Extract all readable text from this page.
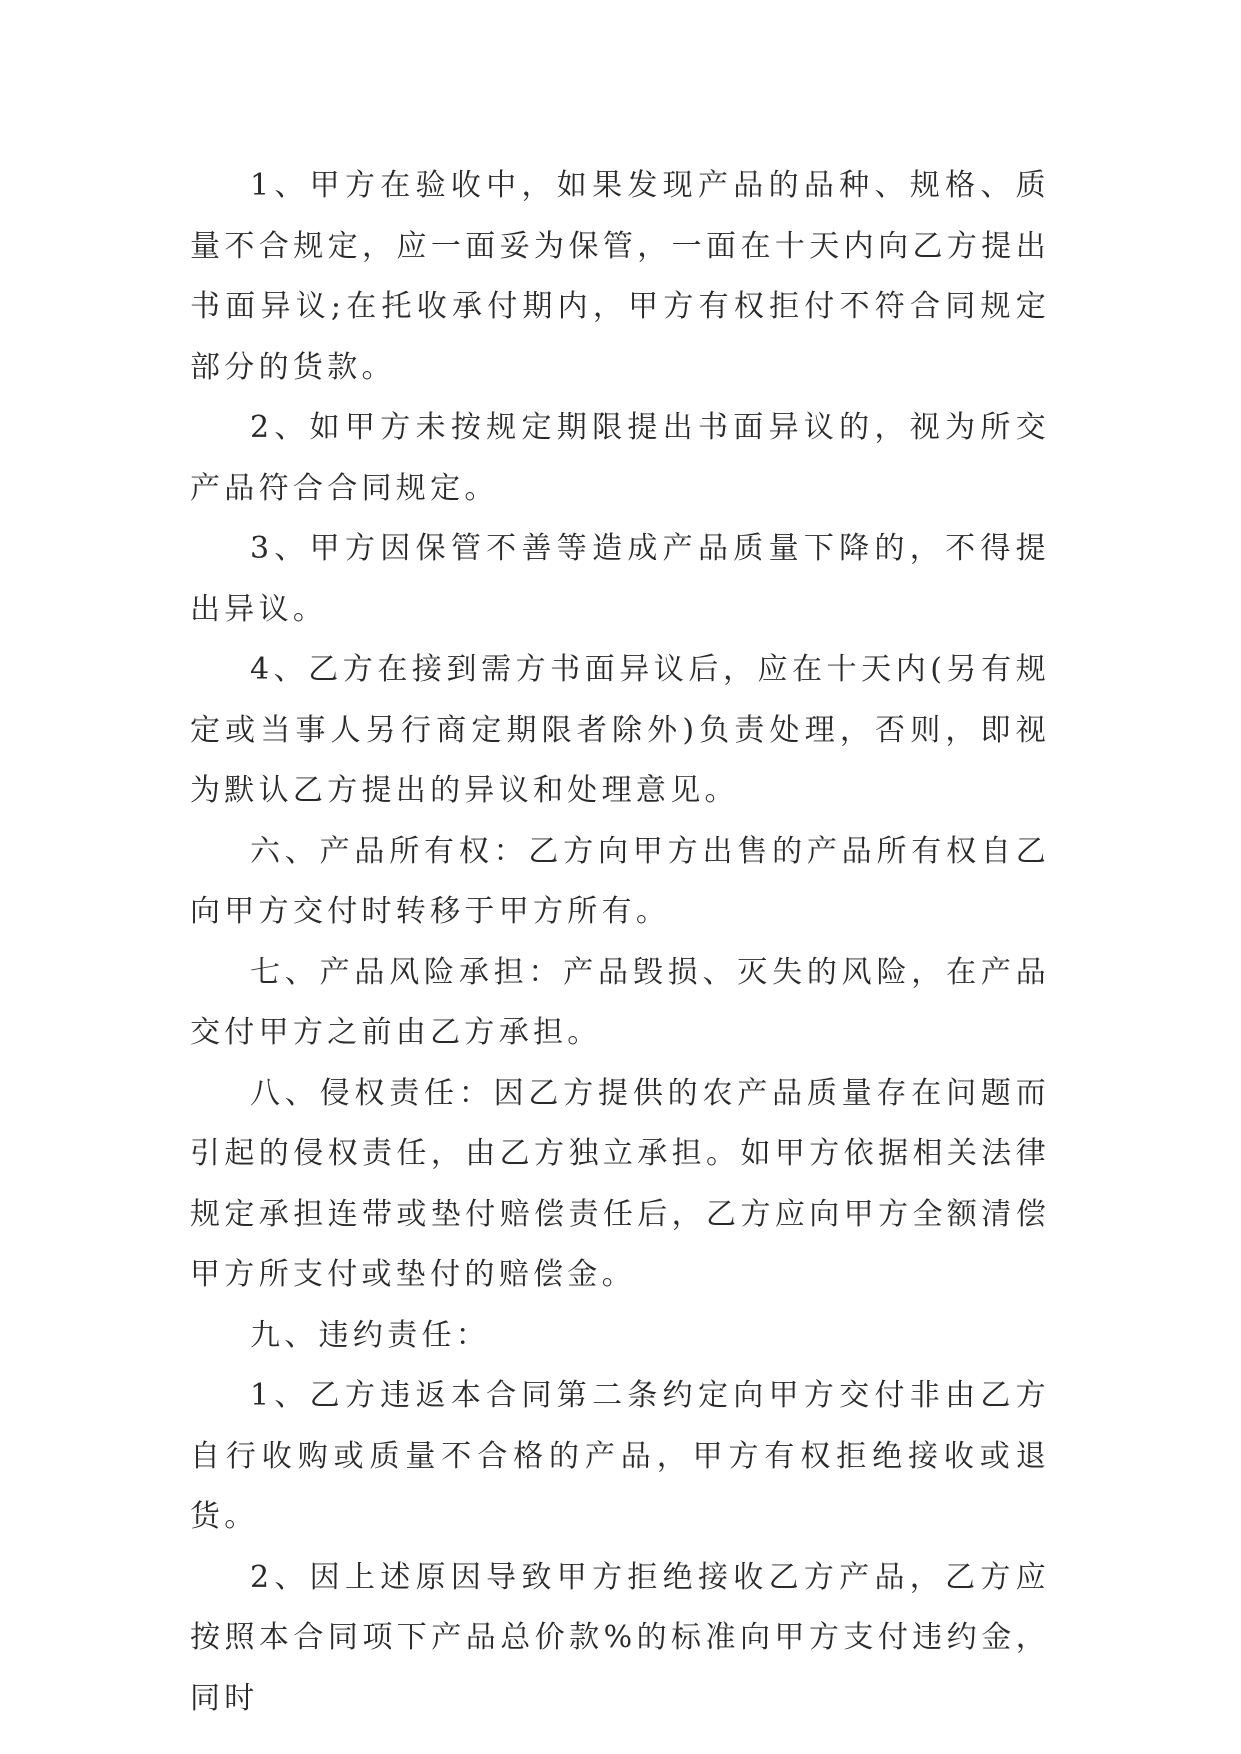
1、甲方在验收中，如果发现产品的品种、规格、质量不合规定，应一面妥为保管，一面在十天内向乙方提出书面异议;在托收承付期内，甲方有权拒付不符合同规定部分的货款。

2、如甲方未按规定期限提出书面异议的，视为所交产品符合合同规定。

3、甲方因保管不善等造成产品质量下降的，不得提出异议。

4、乙方在接到需方书面异议后，应在十天内(另有规定或当事人另行商定期限者除外)负责处理，否则，即视为默认乙方提出的异议和处理意见。

六、产品所有权：乙方向甲方出售的产品所有权自乙向甲方交付时转移于甲方所有。

七、产品风险承担：产品毁损、灭失的风险，在产品交付甲方之前由乙方承担。

八、侵权责任：因乙方提供的农产品质量存在问题而引起的侵权责任，由乙方独立承担。如甲方依据相关法律规定承担连带或垫付赔偿责任后，乙方应向甲方全额清偿甲方所支付或垫付的赔偿金。

九、违约责任：

1、乙方违返本合同第二条约定向甲方交付非由乙方自行收购或质量不合格的产品，甲方有权拒绝接收或退货。

2、因上述原因导致甲方拒绝接收乙方产品，乙方应按照本合同项下产品总价款%的标准向甲方支付违约金，同时
